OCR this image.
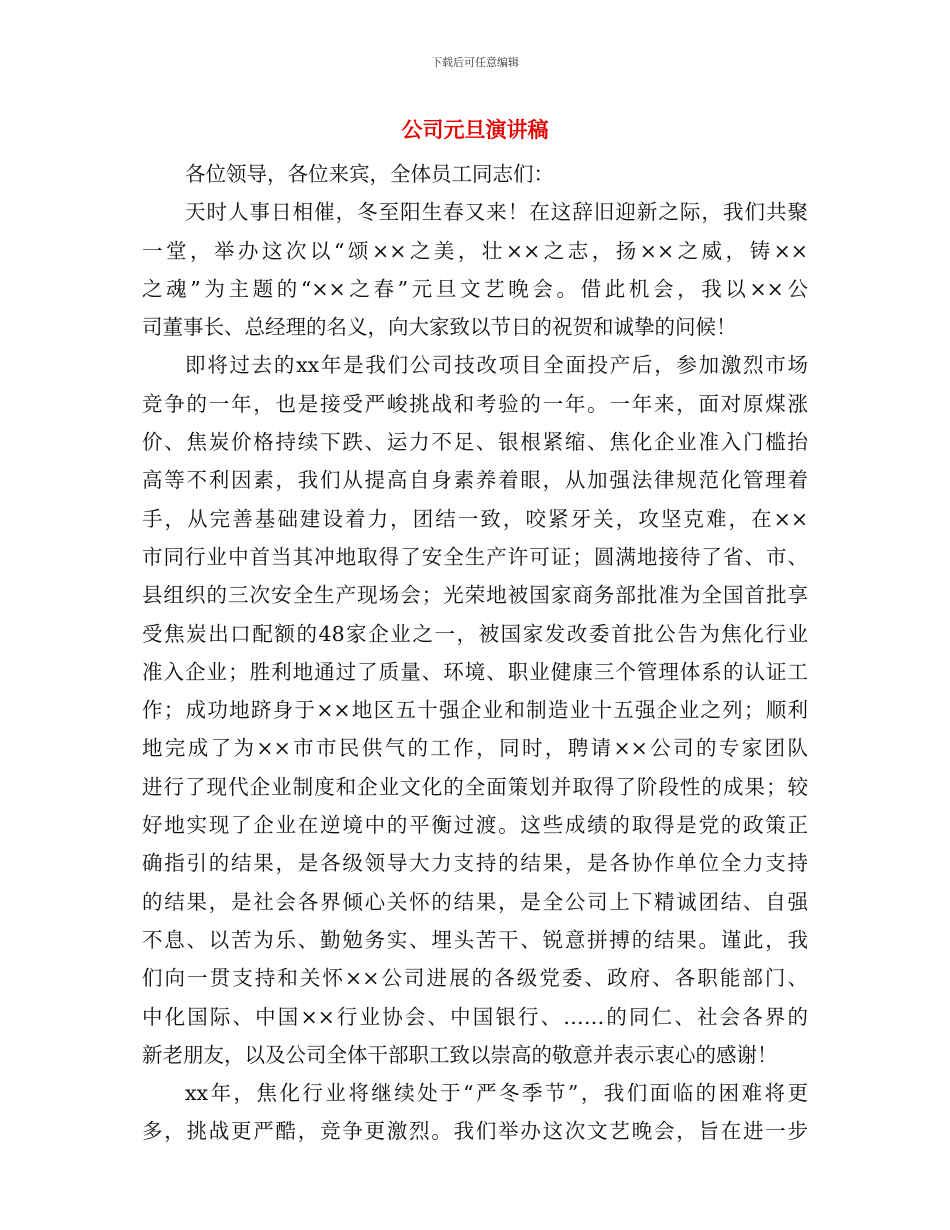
下载后可任意编辑
公司元旦演讲稿
各位领导，各位来宾，全体员工同志们：
天时人事日相催，冬至阳生春又来！在这辞旧迎新之际，我们共聚
一堂，举办这次以“颂××之美，壮××之志，扬××之威，铸××
之魂”为主题的“××之春”元旦文艺晚会。借此机会，我以××公
司董事长、总经理的名义，向大家致以节日的祝贺和诚挚的问候！
即将过去的xx年是我们公司技改项目全面投产后，参加激烈市场
竞争的一年，也是接受严峻挑战和考验的一年。一年来，面对原煤涨
价、焦炭价格持续下跌、运力不足、银根紧缩、焦化企业准入门槛抬
高等不利因素，我们从提高自身素养着眼，从加强法律规范化管理着
手，从完善基础建设着力，团结一致，咬紧牙关，攻坚克难，在××
市同行业中首当其冲地取得了安全生产许可证；圆满地接待了省、市、
县组织的三次安全生产现场会；光荣地被国家商务部批准为全国首批享
受焦炭出口配额的48家企业之一，被国家发改委首批公告为焦化行业
准入企业；胜利地通过了质量、环境、职业健康三个管理体系的认证工
作；成功地跻身于××地区五十强企业和制造业十五强企业之列；顺利
地完成了为××市市民供气的工作，同时，聘请××公司的专家团队
进行了现代企业制度和企业文化的全面策划并取得了阶段性的成果；较
好地实现了企业在逆境中的平衡过渡。这些成绩的取得是党的政策正
确指引的结果，是各级领导大力支持的结果，是各协作单位全力支持
的结果，是社会各界倾心关怀的结果，是全公司上下精诚团结、自强
不息、以苦为乐、勤勉务实、埋头苦干、锐意拼搏的结果。谨此，我
们向一贯支持和关怀××公司进展的各级党委、政府、各职能部门、
中化国际、中国××行业协会、中国银行、……的同仁、社会各界的
新老朋友，以及公司全体干部职工致以崇高的敬意并表示衷心的感谢！
xx年，焦化行业将继续处于“严冬季节”，我们面临的困难将更
多，挑战更严酷，竞争更激烈。我们举办这次文艺晚会，旨在进一步
